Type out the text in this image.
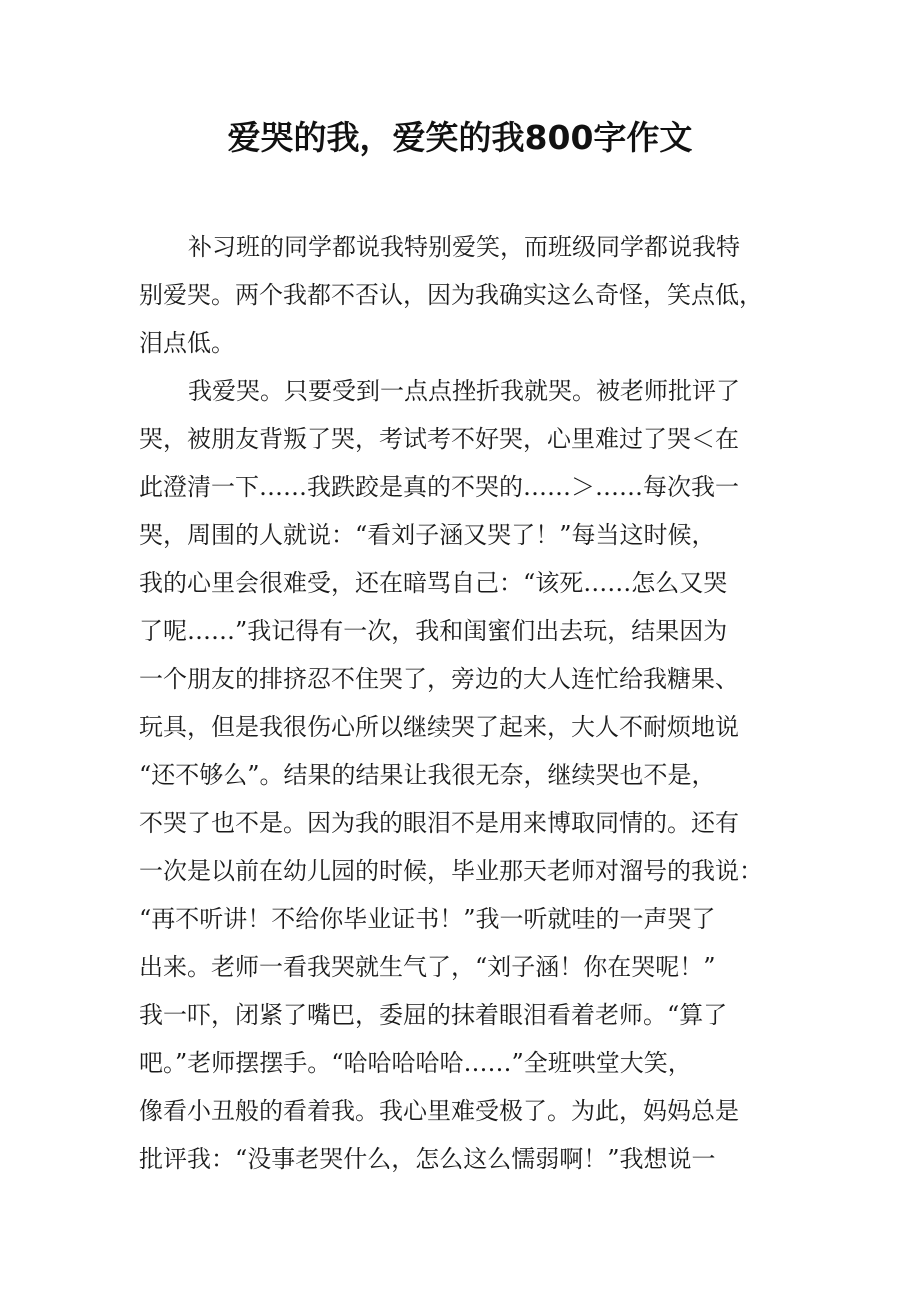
爱哭的我，爱笑的我800字作文

补习班的同学都说我特别爱笑，而班级同学都说我特

别爱哭。两个我都不否认，因为我确实这么奇怪，笑点低，

泪点低。

我爱哭。只要受到一点点挫折我就哭。被老师批评了

哭，被朋友背叛了哭，考试考不好哭，心里难过了哭＜在

此澄清一下……我跌跤是真的不哭的……＞……每次我一

哭，周围的人就说：“看刘子涵又哭了！”每当这时候，

我的心里会很难受，还在暗骂自己：“该死……怎么又哭

了呢……”我记得有一次，我和闺蜜们出去玩，结果因为

一个朋友的排挤忍不住哭了，旁边的大人连忙给我糖果、

玩具，但是我很伤心所以继续哭了起来，大人不耐烦地说

“还不够么”。结果的结果让我很无奈，继续哭也不是，

不哭了也不是。因为我的眼泪不是用来博取同情的。还有

一次是以前在幼儿园的时候，毕业那天老师对溜号的我说：

“再不听讲！不给你毕业证书！”我一听就哇的一声哭了

出来。老师一看我哭就生气了，“刘子涵！你在哭呢！”

我一吓，闭紧了嘴巴，委屈的抹着眼泪看着老师。“算了

吧。”老师摆摆手。“哈哈哈哈哈……”全班哄堂大笑，

像看小丑般的看着我。我心里难受极了。为此，妈妈总是

批评我：“没事老哭什么，怎么这么懦弱啊！”我想说一
